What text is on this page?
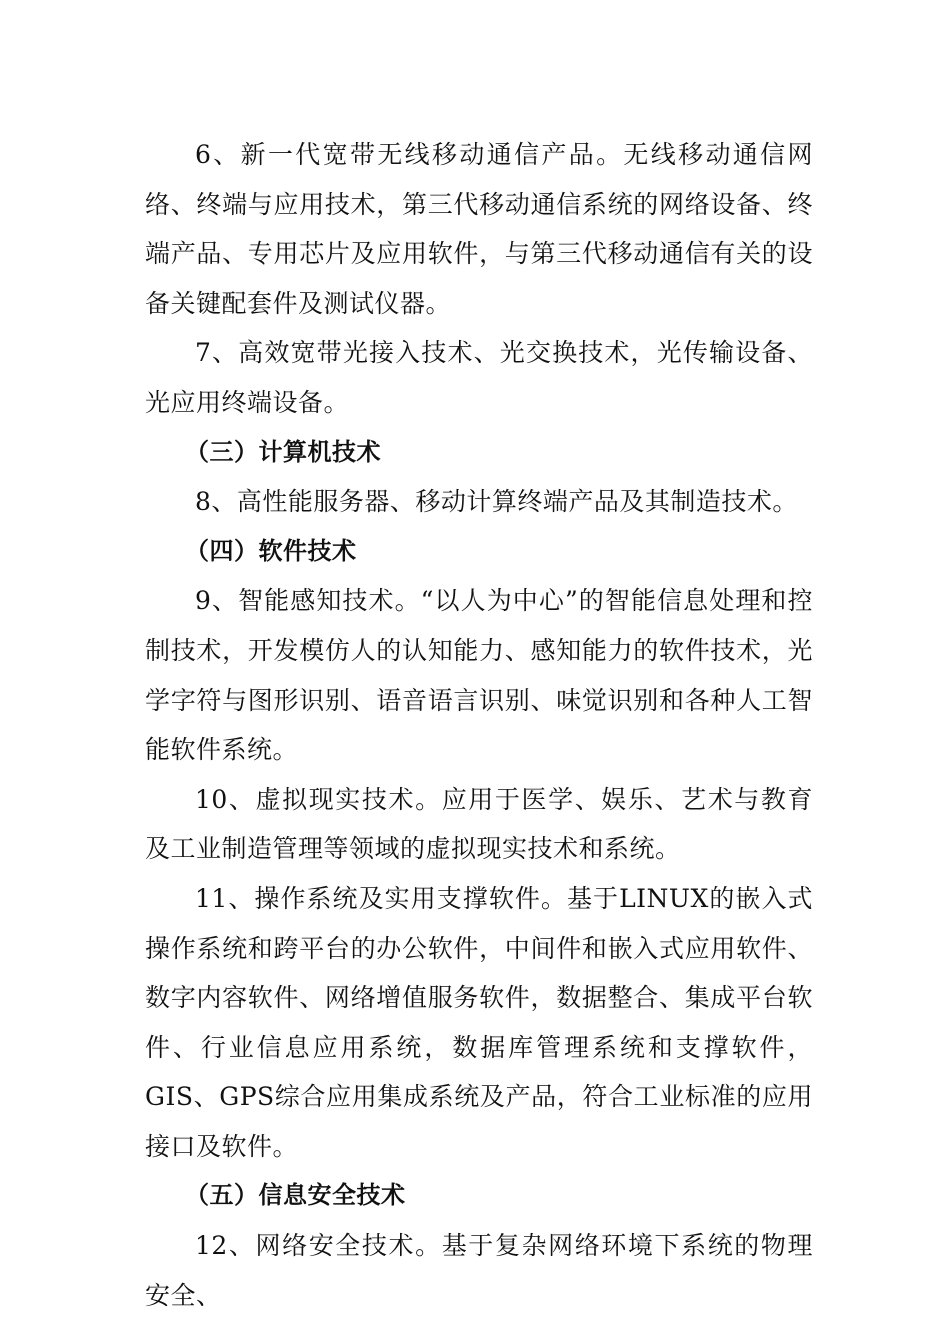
6、新一代宽带无线移动通信产品。无线移动通信网络、终端与应用技术，第三代移动通信系统的网络设备、终端产品、专用芯片及应用软件，与第三代移动通信有关的设备关键配套件及测试仪器。

7、高效宽带光接入技术、光交换技术，光传输设备、光应用终端设备。

（三）计算机技术

8、高性能服务器、移动计算终端产品及其制造技术。

（四）软件技术

9、智能感知技术。“以人为中心”的智能信息处理和控制技术，开发模仿人的认知能力、感知能力的软件技术，光学字符与图形识别、语音语言识别、味觉识别和各种人工智能软件系统。

10、虚拟现实技术。应用于医学、娱乐、艺术与教育及工业制造管理等领域的虚拟现实技术和系统。

11、操作系统及实用支撑软件。基于LINUX的嵌入式操作系统和跨平台的办公软件，中间件和嵌入式应用软件、数字内容软件、网络增值服务软件，数据整合、集成平台软件、行业信息应用系统，数据库管理系统和支撑软件，GIS、GPS综合应用集成系统及产品，符合工业标准的应用接口及软件。

（五）信息安全技术

12、网络安全技术。基于复杂网络环境下系统的物理安全、
